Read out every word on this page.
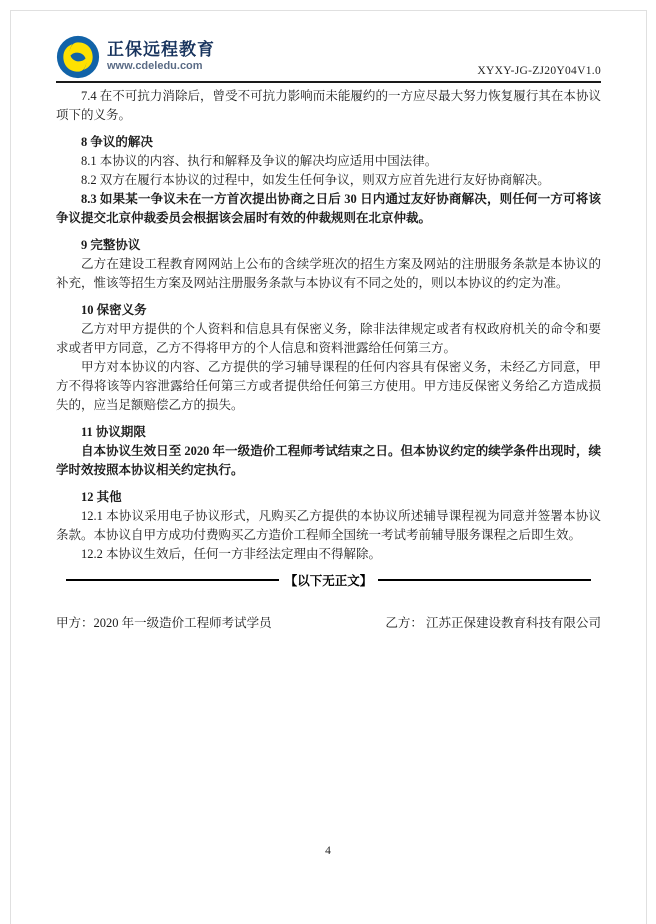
正保远程教育
www.cdeledu.com	XYXY-JG-ZJ20Y04V1.0

7.4 在不可抗力消除后，曾受不可抗力影响而未能履约的一方应尽最大努力恢复履行其在本协议项下的义务。

8 争议的解决

8.1 本协议的内容、执行和解释及争议的解决均应适用中国法律。

8.2 双方在履行本协议的过程中，如发生任何争议，则双方应首先进行友好协商解决。

8.3 如果某一争议未在一方首次提出协商之日后 30 日内通过友好协商解决，则任何一方可将该争议提交北京仲裁委员会根据该会届时有效的仲裁规则在北京仲裁。

9 完整协议

乙方在建设工程教育网网站上公布的含续学班次的招生方案及网站的注册服务条款是本协议的补充，惟该等招生方案及网站注册服务条款与本协议有不同之处的，则以本协议的约定为准。

10 保密义务

乙方对甲方提供的个人资料和信息具有保密义务，除非法律规定或者有权政府机关的命令和要求或者甲方同意，乙方不得将甲方的个人信息和资料泄露给任何第三方。

甲方对本协议的内容、乙方提供的学习辅导课程的任何内容具有保密义务，未经乙方同意，甲方不得将该等内容泄露给任何第三方或者提供给任何第三方使用。甲方违反保密义务给乙方造成损失的，应当足额赔偿乙方的损失。

11 协议期限

自本协议生效日至 2020 年一级造价工程师考试结束之日。但本协议约定的续学条件出现时，续学时效按照本协议相关约定执行。

12 其他

12.1 本协议采用电子协议形式，凡购买乙方提供的本协议所述辅导课程视为同意并签署本协议条款。本协议自甲方成功付费购买乙方造价工程师全国统一考试考前辅导服务课程之后即生效。

12.2 本协议生效后，任何一方非经法定理由不得解除。

【以下无正文】
甲方：2020 年一级造价工程师考试学员	乙方： 江苏正保建设教育科技有限公司
4
